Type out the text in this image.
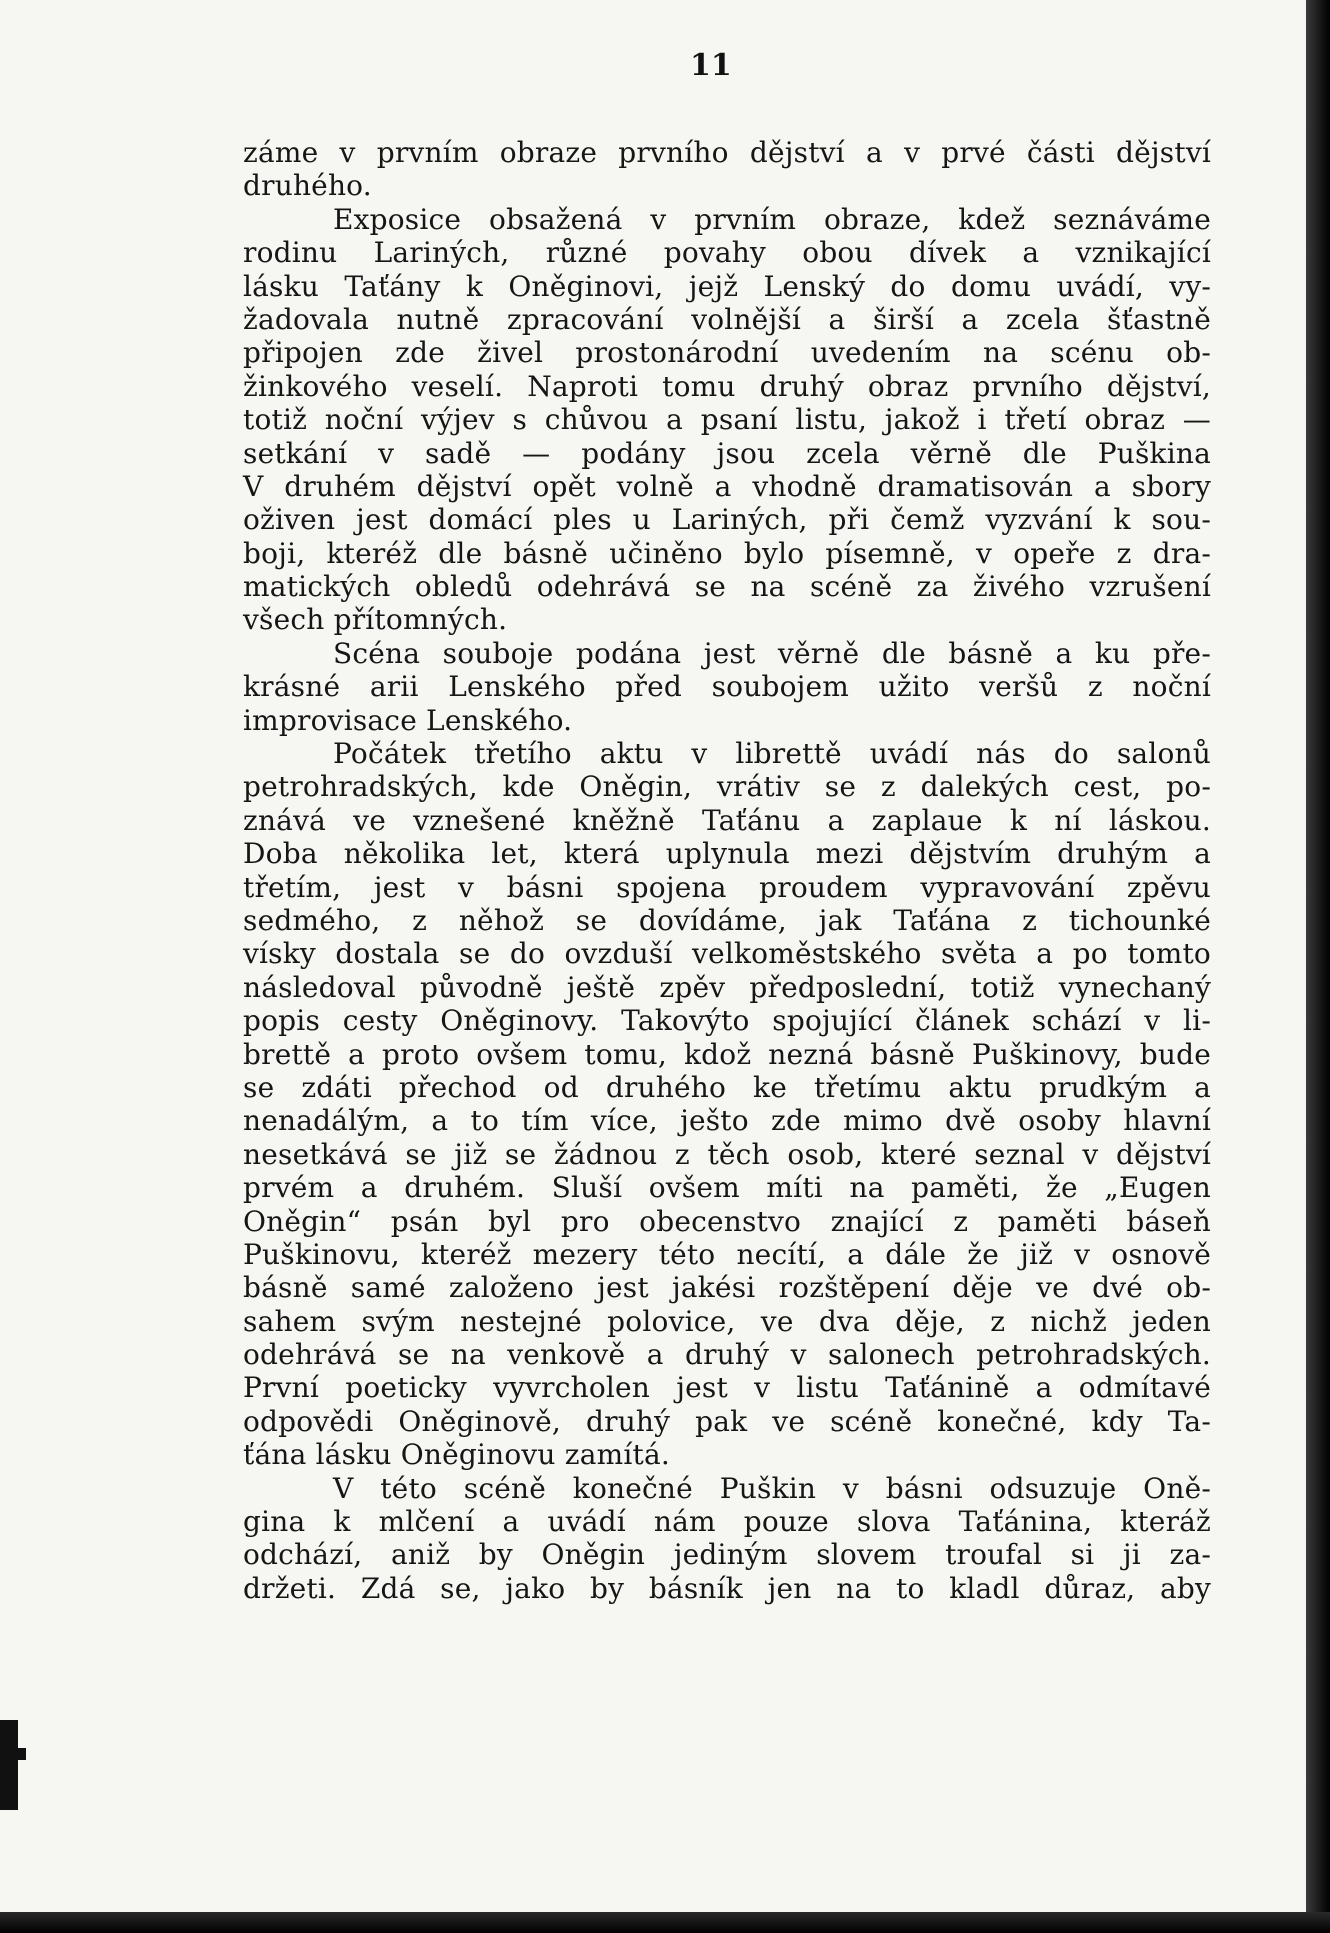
11
záme v prvním obraze prvního dějství a v prvé části dějství
druhého.
Exposice obsažená v prvním obraze, kdež seznáváme
rodinu Lariných, různé povahy obou dívek a vznikající
lásku Taťány k Oněginovi, jejž Lenský do domu uvádí, vy-
žadovala nutně zpracování volnější a širší a zcela šťastně
připojen zde živel prostonárodní uvedením na scénu ob-
žinkového veselí. Naproti tomu druhý obraz prvního dějství,
totiž noční výjev s chůvou a psaní listu, jakož i třetí obraz —
setkání v sadě — podány jsou zcela věrně dle Puškina
V druhém dějství opět volně a vhodně dramatisován a sbory
oživen jest domácí ples u Lariných, při čemž vyzvání k sou-
boji, kteréž dle básně učiněno bylo písemně, v opeře z dra-
matických obledů odehrává se na scéně za živého vzrušení
všech přítomných.
Scéna souboje podána jest věrně dle básně a ku pře-
krásné arii Lenského před soubojem užito veršů z noční
improvisace Lenského.
Počátek třetího aktu v librettě uvádí nás do salonů
petrohradských, kde Oněgin, vrátiv se z dalekých cest, po-
znává ve vznešené kněžně Taťánu a zaplaue k ní láskou.
Doba několika let, která uplynula mezi dějstvím druhým a
třetím, jest v básni spojena proudem vypravování zpěvu
sedmého, z něhož se dovídáme, jak Taťána z tichounké
vísky dostala se do ovzduší velkoměstského světa a po tomto
následoval původně ještě zpěv předposlední, totiž vynechaný
popis cesty Oněginovy. Takovýto spojující článek schází v li-
brettě a proto ovšem tomu, kdož nezná básně Puškinovy, bude
se zdáti přechod od druhého ke třetímu aktu prudkým a
nenadálým, a to tím více, ješto zde mimo dvě osoby hlavní
nesetkává se již se žádnou z těch osob, které seznal v dějství
prvém a druhém. Sluší ovšem míti na paměti, že „Eugen
Oněgin“ psán byl pro obecenstvo znající z paměti báseň
Puškinovu, kteréž mezery této necítí, a dále že již v osnově
básně samé založeno jest jakési rozštěpení děje ve dvé ob-
sahem svým nestejné polovice, ve dva děje, z nichž jeden
odehrává se na venkově a druhý v salonech petrohradských.
První poeticky vyvrcholen jest v listu Taťánině a odmítavé
odpovědi Oněginově, druhý pak ve scéně konečné, kdy Ta-
ťána lásku Oněginovu zamítá.
V této scéně konečné Puškin v básni odsuzuje Oně-
gina k mlčení a uvádí nám pouze slova Taťánina, kteráž
odchází, aniž by Oněgin jediným slovem troufal si ji za-
držeti. Zdá se, jako by básník jen na to kladl důraz, aby
